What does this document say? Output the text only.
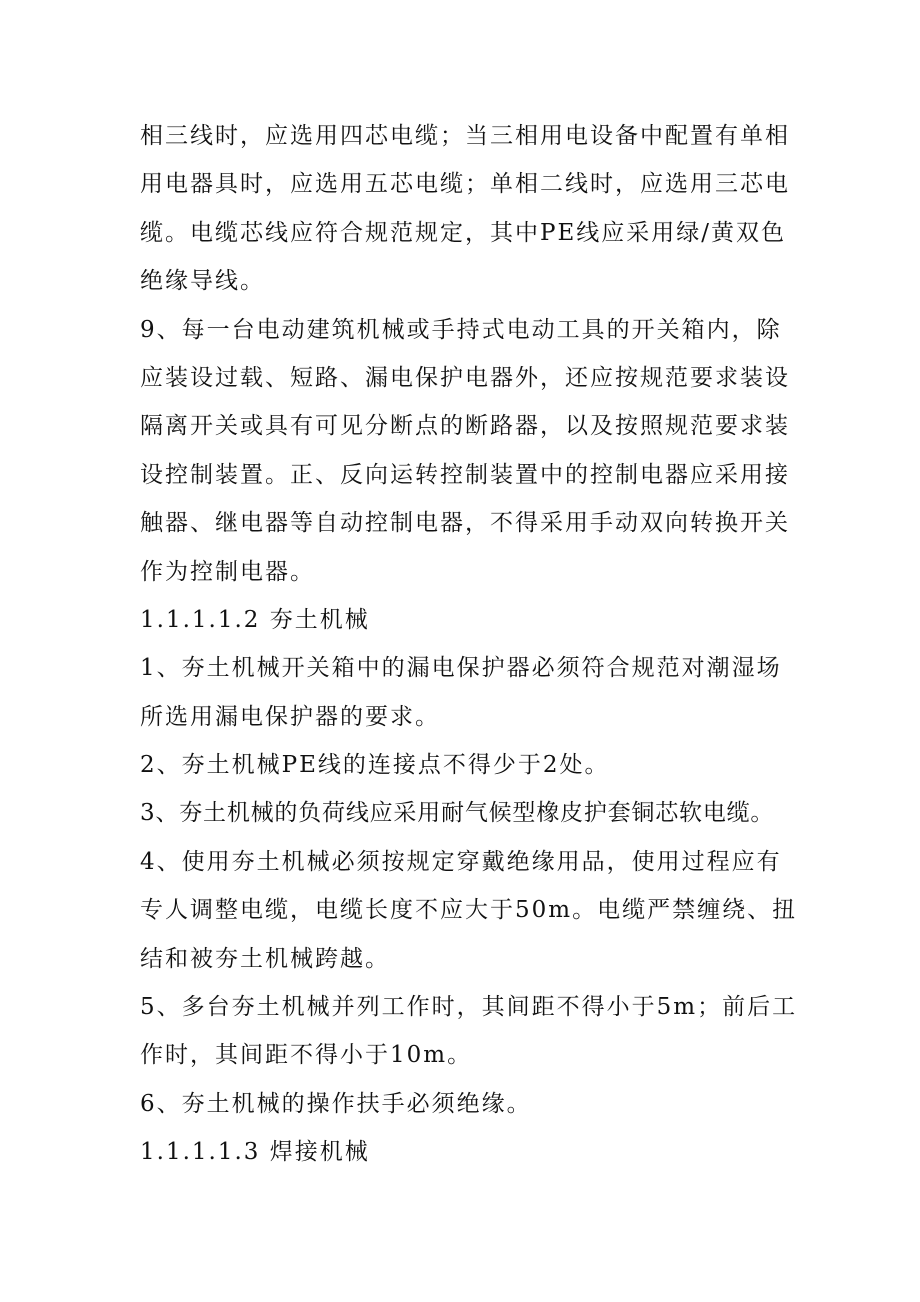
相三线时，应选用四芯电缆；当三相用电设备中配置有单相
用电器具时，应选用五芯电缆；单相二线时，应选用三芯电
缆。电缆芯线应符合规范规定，其中PE线应采用绿/黄双色
绝缘导线。
9、每一台电动建筑机械或手持式电动工具的开关箱内，除
应装设过载、短路、漏电保护电器外，还应按规范要求装设
隔离开关或具有可见分断点的断路器，以及按照规范要求装
设控制装置。正、反向运转控制装置中的控制电器应采用接
触器、继电器等自动控制电器，不得采用手动双向转换开关
作为控制电器。
1.1.1.1.2 夯土机械
1、夯土机械开关箱中的漏电保护器必须符合规范对潮湿场
所选用漏电保护器的要求。
2、夯土机械PE线的连接点不得少于2处。
3、夯土机械的负荷线应采用耐气候型橡皮护套铜芯软电缆。
4、使用夯土机械必须按规定穿戴绝缘用品，使用过程应有
专人调整电缆，电缆长度不应大于50m。电缆严禁缠绕、扭
结和被夯土机械跨越。
5、多台夯土机械并列工作时，其间距不得小于5m；前后工
作时，其间距不得小于10m。
6、夯土机械的操作扶手必须绝缘。
1.1.1.1.3 焊接机械
